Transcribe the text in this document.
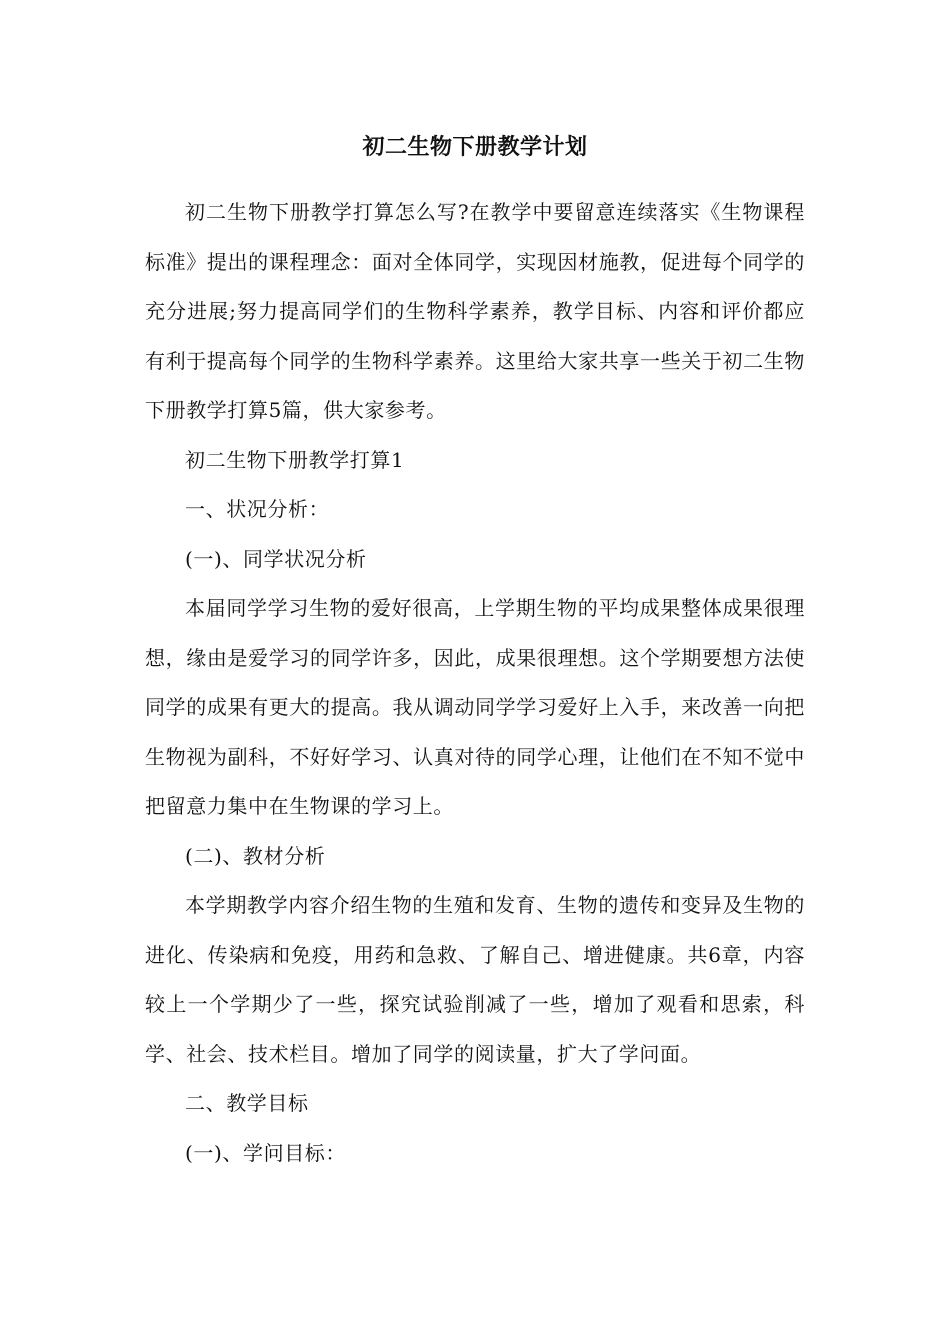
初二生物下册教学计划

初二生物下册教学打算怎么写?在教学中要留意连续落实《生物课程标准》提出的课程理念：面对全体同学，实现因材施教，促进每个同学的充分进展;努力提高同学们的生物科学素养，教学目标、内容和评价都应有利于提高每个同学的生物科学素养。这里给大家共享一些关于初二生物下册教学打算5篇，供大家参考。

初二生物下册教学打算1

一、状况分析：

(一)、同学状况分析

本届同学学习生物的爱好很高，上学期生物的平均成果整体成果很理想，缘由是爱学习的同学许多，因此，成果很理想。这个学期要想方法使同学的成果有更大的提高。我从调动同学学习爱好上入手，来改善一向把生物视为副科，不好好学习、认真对待的同学心理，让他们在不知不觉中把留意力集中在生物课的学习上。

(二)、教材分析

本学期教学内容介绍生物的生殖和发育、生物的遗传和变异及生物的进化、传染病和免疫，用药和急救、了解自己、增进健康。共6章，内容较上一个学期少了一些，探究试验削减了一些，增加了观看和思索，科学、社会、技术栏目。增加了同学的阅读量，扩大了学问面。

二、教学目标

(一)、学问目标：
